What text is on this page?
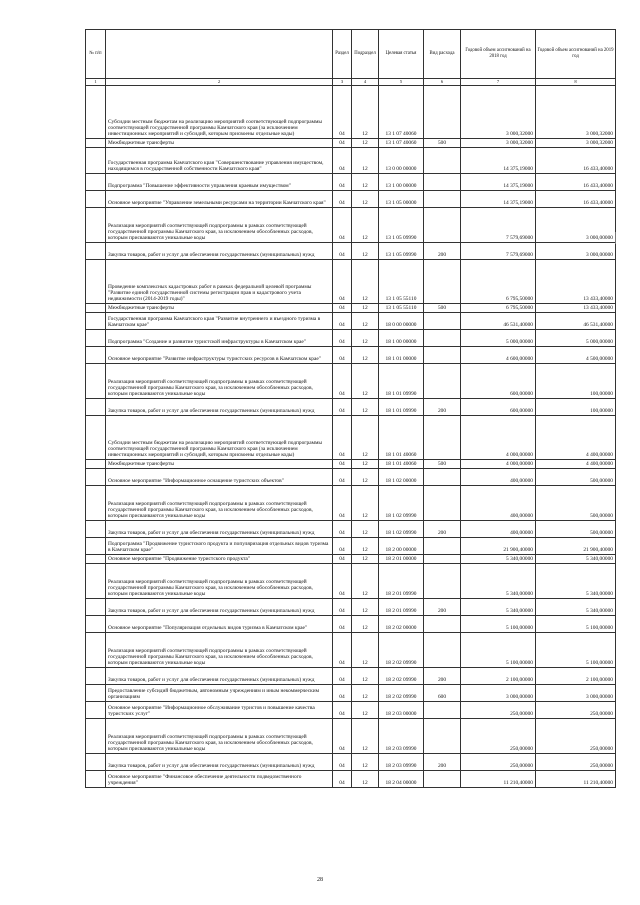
№ п/п		Раздел	Подраздел	Целевая статья	Вид расхода	Годовой объем ассигнований на 2018 год	Годовой объем ассигнований на 2019 год
1	2	3	4	5	6	7	8
	Субсидии местным бюджетам на реализацию мероприятий соответствующей подпрограммы соответствующей государственной программы Камчатского края (за исключением инвестиционных мероприятий и субсидий, которым присвоены отдельные коды)	04	12	13 1 07 40060		3 000,32000	3 000,32000
	Межбюджетные трансферты	04	12	13 1 07 40060	500	3 000,32000	3 000,32000
	Государственная программа Камчатского края "Совершенствование управления имуществом, находящимся в государственной собственности Камчатского края"	04	12	13 0 00 00000		14 375,19000	16 433,40000
	Подпрограмма "Повышение эффективности управления краевым имуществом"	04	12	13 1 00 00000		14 375,19000	16 433,40000
	Основное мероприятие "Управление земельными ресурсами на территории Камчатского края"	04	12	13 1 05 00000		14 375,19000	16 433,40000
	Реализация мероприятий соответствующей подпрограммы в рамках соответствующей государственной программы Камчатского края, за исключением обособленных расходов, которым присваиваются уникальные коды	04	12	13 1 05 09990		7 579,69000	3 000,00000
	Закупка товаров, работ и услуг для обеспечения государственных (муниципальных) нужд	04	12	13 1 05 09990	200	7 579,69000	3 000,00000
	Проведение комплексных кадастровых работ в рамках федеральной целевой программы "Развитие единой государственной системы регистрации прав и кадастрового учета недвижимости (2014-2019 годы)"	04	12	13 1 05 55110		6 795,50000	13 433,40000
	Межбюджетные трансферты	04	12	13 1 05 55110	500	6 795,50000	13 433,40000
	Государственная программа Камчатского края "Развитие внутреннего и въездного туризма в Камчатском крае"	04	12	18 0 00 00000		46 531,40000	46 531,40000
	Подпрограмма "Создание и развитие туристской инфраструктуры в Камчатском крае"	04	12	18 1 00 00000		5 000,00000	5 000,00000
	Основное мероприятие "Развитие инфраструктуры туристских ресурсов в Камчатском крае"	04	12	18 1 01 00000		4 600,00000	4 500,00000
	Реализация мероприятий соответствующей подпрограммы в рамках соответствующей государственной программы Камчатского края, за исключением обособленных расходов, которым присваиваются уникальные коды	04	12	18 1 01 09990		600,00000	100,00000
	Закупка товаров, работ и услуг для обеспечения государственных (муниципальных) нужд	04	12	18 1 01 09990	200	600,00000	100,00000
	Субсидии местным бюджетам на реализацию мероприятий соответствующей подпрограммы соответствующей государственной программы Камчатского края (за исключением инвестиционных мероприятий и субсидий, которым присвоены отдельные коды)	04	12	18 1 01 40060		4 000,00000	4 400,00000
	Межбюджетные трансферты	04	12	18 1 01 40060	500	4 000,00000	4 400,00000
	Основное мероприятие "Информационное оснащение туристских объектов"	04	12	18 1 02 00000		400,00000	500,00000
	Реализация мероприятий соответствующей подпрограммы в рамках соответствующей государственной программы Камчатского края, за исключением обособленных расходов, которым присваиваются уникальные коды	04	12	18 1 02 09990		400,00000	500,00000
	Закупка товаров, работ и услуг для обеспечения государственных (муниципальных) нужд	04	12	18 1 02 09990	200	400,00000	500,00000
	Подпрограмма "Продвижение туристского продукта и популяризация отдельных видов туризма в Камчатском крае"	04	12	18 2 00 00000		21 900,40000	21 900,40000
	Основное мероприятие "Продвижение туристского продукта"	04	12	18 2 01 00000		5 340,00000	5 340,00000
	Реализация мероприятий соответствующей подпрограммы в рамках соответствующей государственной программы Камчатского края, за исключением обособленных расходов, которым присваиваются уникальные коды	04	12	18 2 01 09990		5 340,00000	5 340,00000
	Закупка товаров, работ и услуг для обеспечения государственных (муниципальных) нужд	04	12	18 2 01 09990	200	5 340,00000	5 340,00000
	Основное мероприятие "Популяризация отдельных видов туризма в Камчатском крае"	04	12	18 2 02 00000		5 100,00000	5 100,00000
	Реализация мероприятий соответствующей подпрограммы в рамках соответствующей государственной программы Камчатского края, за исключением обособленных расходов, которым присваиваются уникальные коды	04	12	18 2 02 09990		5 100,00000	5 100,00000
	Закупка товаров, работ и услуг для обеспечения государственных (муниципальных) нужд	04	12	18 2 02 09990	200	2 100,00000	2 100,00000
	Предоставление субсидий бюджетным, автономным учреждениям и иным некоммерческим организациям	04	12	18 2 02 09990	600	3 000,00000	3 000,00000
	Основное мероприятие "Информационное обслуживание туристов и повышение качества туристских услуг"	04	12	18 2 03 00000		250,00000	250,00000
	Реализация мероприятий соответствующей подпрограммы в рамках соответствующей государственной программы Камчатского края, за исключением обособленных расходов, которым присваиваются уникальные коды	04	12	18 2 03 09990		250,00000	250,00000
	Закупка товаров, работ и услуг для обеспечения государственных (муниципальных) нужд	04	12	18 2 03 09990	200	250,00000	250,00000
	Основное мероприятие "Финансовое обеспечение деятельности подведомственного учреждения"	04	12	18 2 04 00000		11 210,40000	11 210,40000
28
